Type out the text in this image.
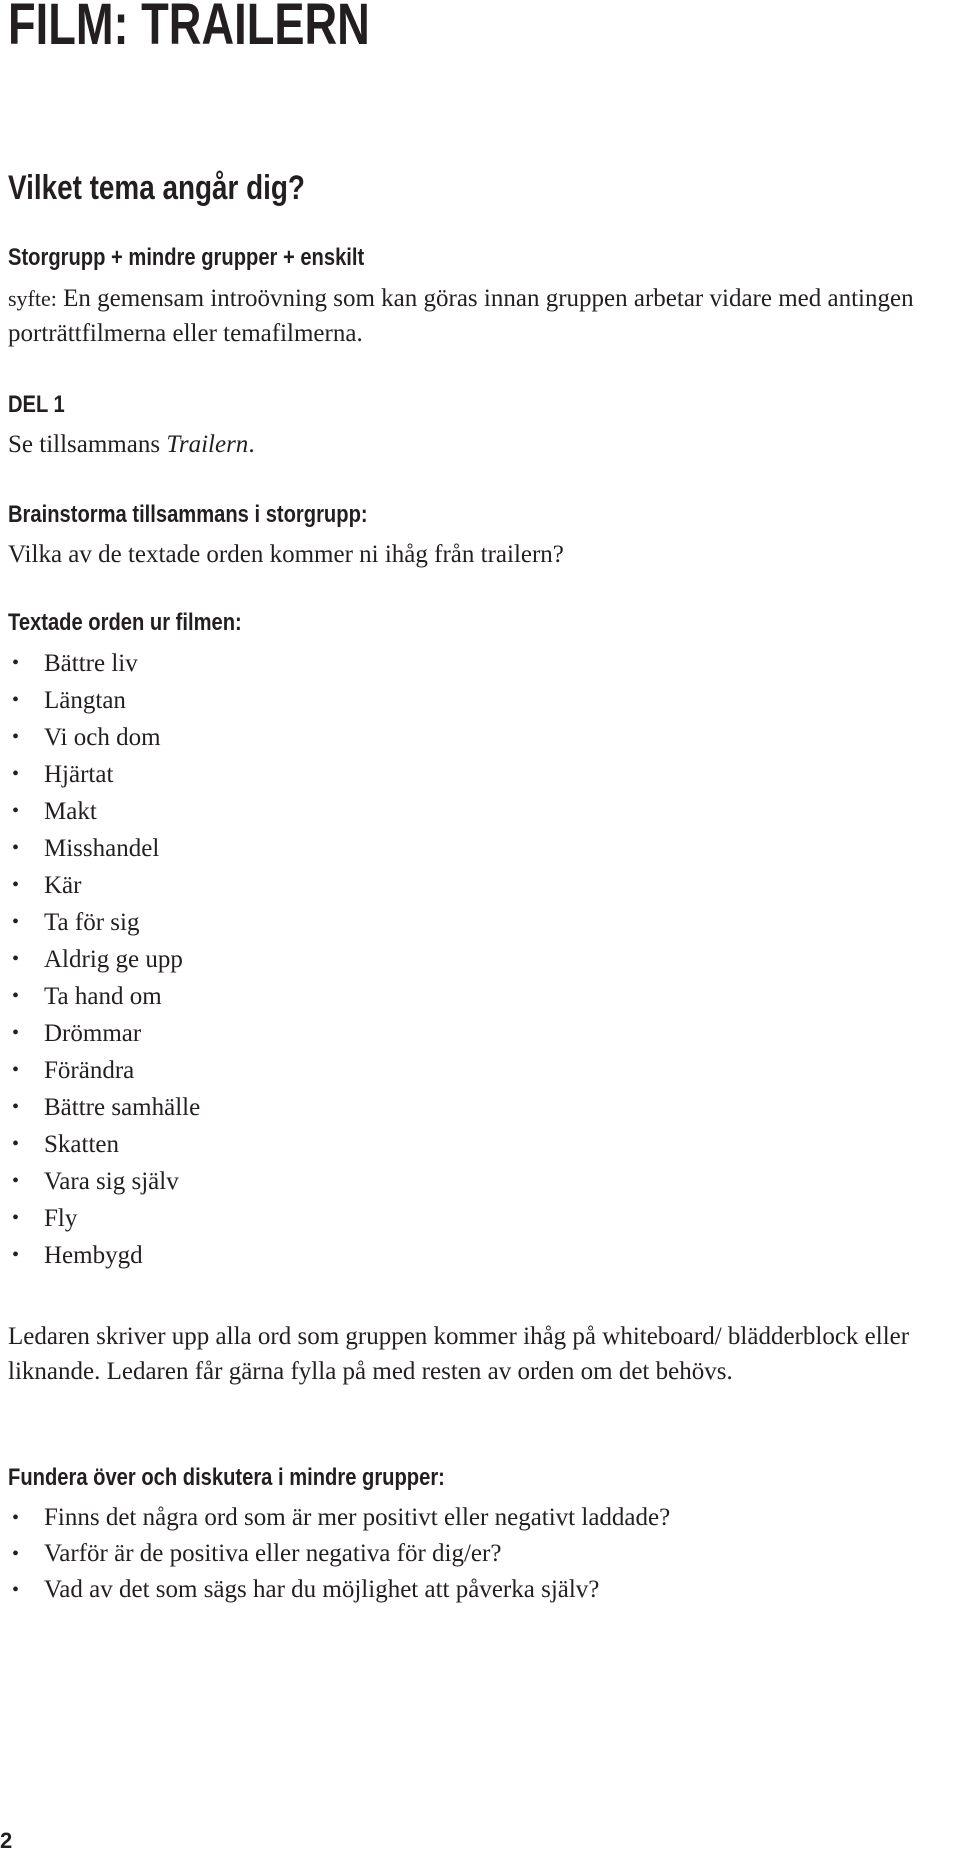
FILM: TRAILERN
Vilket tema angår dig?
Storgrupp + mindre grupper + enskilt

syfte: En gemensam introövning som kan göras innan gruppen arbetar vidare med antingen porträttfilmerna eller temafilmerna.

DEL 1

Se tillsammans Trailern.

Brainstorma tillsammans i storgrupp:

Vilka av de textade orden kommer ni ihåg från trailern?

Textade orden ur filmen:
• Bättre liv
• Längtan
• Vi och dom
• Hjärtat
• Makt
• Misshandel
• Kär
• Ta för sig
• Aldrig ge upp
• Ta hand om
• Drömmar
• Förändra
• Bättre samhälle
• Skatten
• Vara sig själv
• Fly
• Hembygd

Ledaren skriver upp alla ord som gruppen kommer ihåg på whiteboard/ blädderblock eller liknande. Ledaren får gärna fylla på med resten av orden om det behövs.

Fundera över och diskutera i mindre grupper:
• Finns det några ord som är mer positivt eller negativt laddade?
• Varför är de positiva eller negativa för dig/er?
• Vad av det som sägs har du möjlighet att påverka själv?
2
